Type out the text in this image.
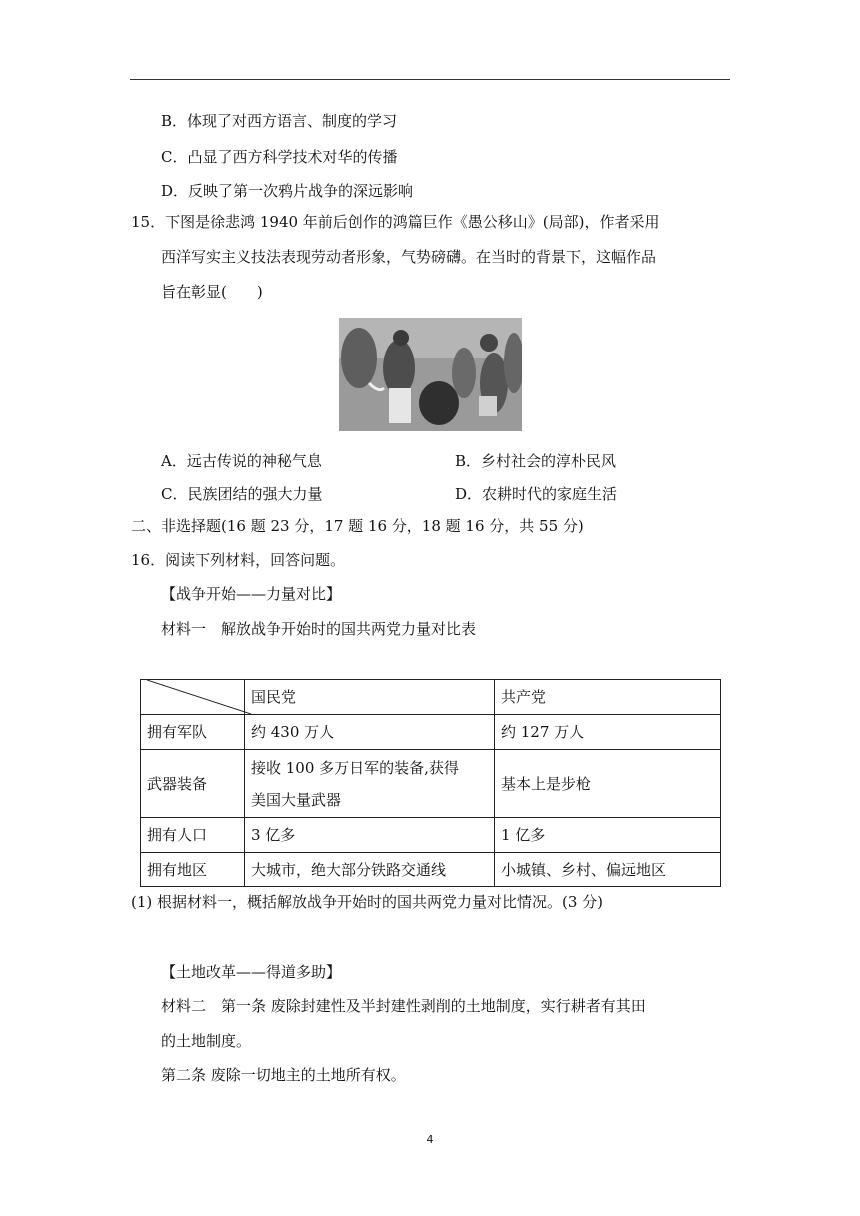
B．体现了对西方语言、制度的学习
C．凸显了西方科学技术对华的传播
D．反映了第一次鸦片战争的深远影响
15．下图是徐悲鸿 1940 年前后创作的鸿篇巨作《愚公移山》(局部)，作者采用
西洋写实主义技法表现劳动者形象，气势磅礴。在当时的背景下，这幅作品
旨在彰显(　　)
A．远古传说的神秘气息	B．乡村社会的淳朴民风
C．民族团结的强大力量	D．农耕时代的家庭生活
二、非选择题(16 题 23 分，17 题 16 分，18 题 16 分，共 55 分)
16．阅读下列材料，回答问题。
【战争开始——力量对比】
材料一　解放战争开始时的国共两党力量对比表
	国民党	共产党
拥有军队	约 430 万人	约 127 万人
武器装备	接收 100 多万日军的装备,获得
美国大量武器	基本上是步枪
拥有人口	3 亿多	1 亿多
拥有地区	大城市，绝大部分铁路交通线	小城镇、乡村、偏远地区
(1) 根据材料一，概括解放战争开始时的国共两党力量对比情况。(3 分)
【土地改革——得道多助】
材料二　第一条 废除封建性及半封建性剥削的土地制度，实行耕者有其田
的土地制度。
第二条 废除一切地主的土地所有权。
4
